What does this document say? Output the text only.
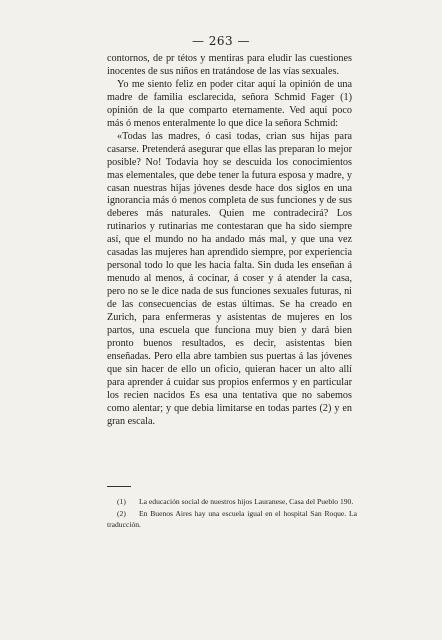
— 263 —

contornos, de pr tétos y mentiras para eludir las cuestiones inocentes de sus niños en tratándose de las vías sexuales.

Yo me siento feliz en poder citar aquí la opinión de una madre de familia esclarecida, señora Schmid Fager (1) opinión de la que comparto eternamente. Ved aquí poco más ó menos enteralmente lo que dice la señora Schmid:

«Todas las madres, ó casi todas, crian sus hijas para casarse. Pretenderá asegurar que ellas las preparan lo mejor posible? No! Todavia hoy se descuida los conocimientos mas elementales, que debe tener la futura esposa y madre, y casan nuestras hijas jóvenes desde hace dos siglos en una ignorancia más ó menos completa de sus funciones y de sus deberes más naturales. Quien me contradecirá? Los rutinarios y rutinarias me contestaran que ha sido siempre así, que el mundo no ha andado más mal, y que una vez casadas las mujeres han aprendido siempre, por experiencia personal todo lo que les hacia falta. Sin duda les enseñan á menudo al menos, á cocinar, á coser y á atender la casa, pero no se le dice nada de sus funciones sexuales futuras, ni de las consecuencias de estas últimas. Se ha creado en Zurich, para enfermeras y asistentas de mujeres en los partos, una escuela que funciona muy bien y dará bien pronto buenos resultados, es decir, asistentas bien enseñadas. Pero ella abre tambien sus puertas á las jóvenes que sin hacer de ello un oficio, quieran hacer un alto allí para aprender á cuidar sus propios enfermos y en particular los recien nacidos Es esa una tentativa que no sabemos como alentar; y que debia limitarse en todas partes (2) y en gran escala.

(1) La educación social de nuestros hijos Lauranese, Casa del Pueblo 190.

(2) En Buenos Aires hay una escuela igual en el hospital San Roque. La traducción.
